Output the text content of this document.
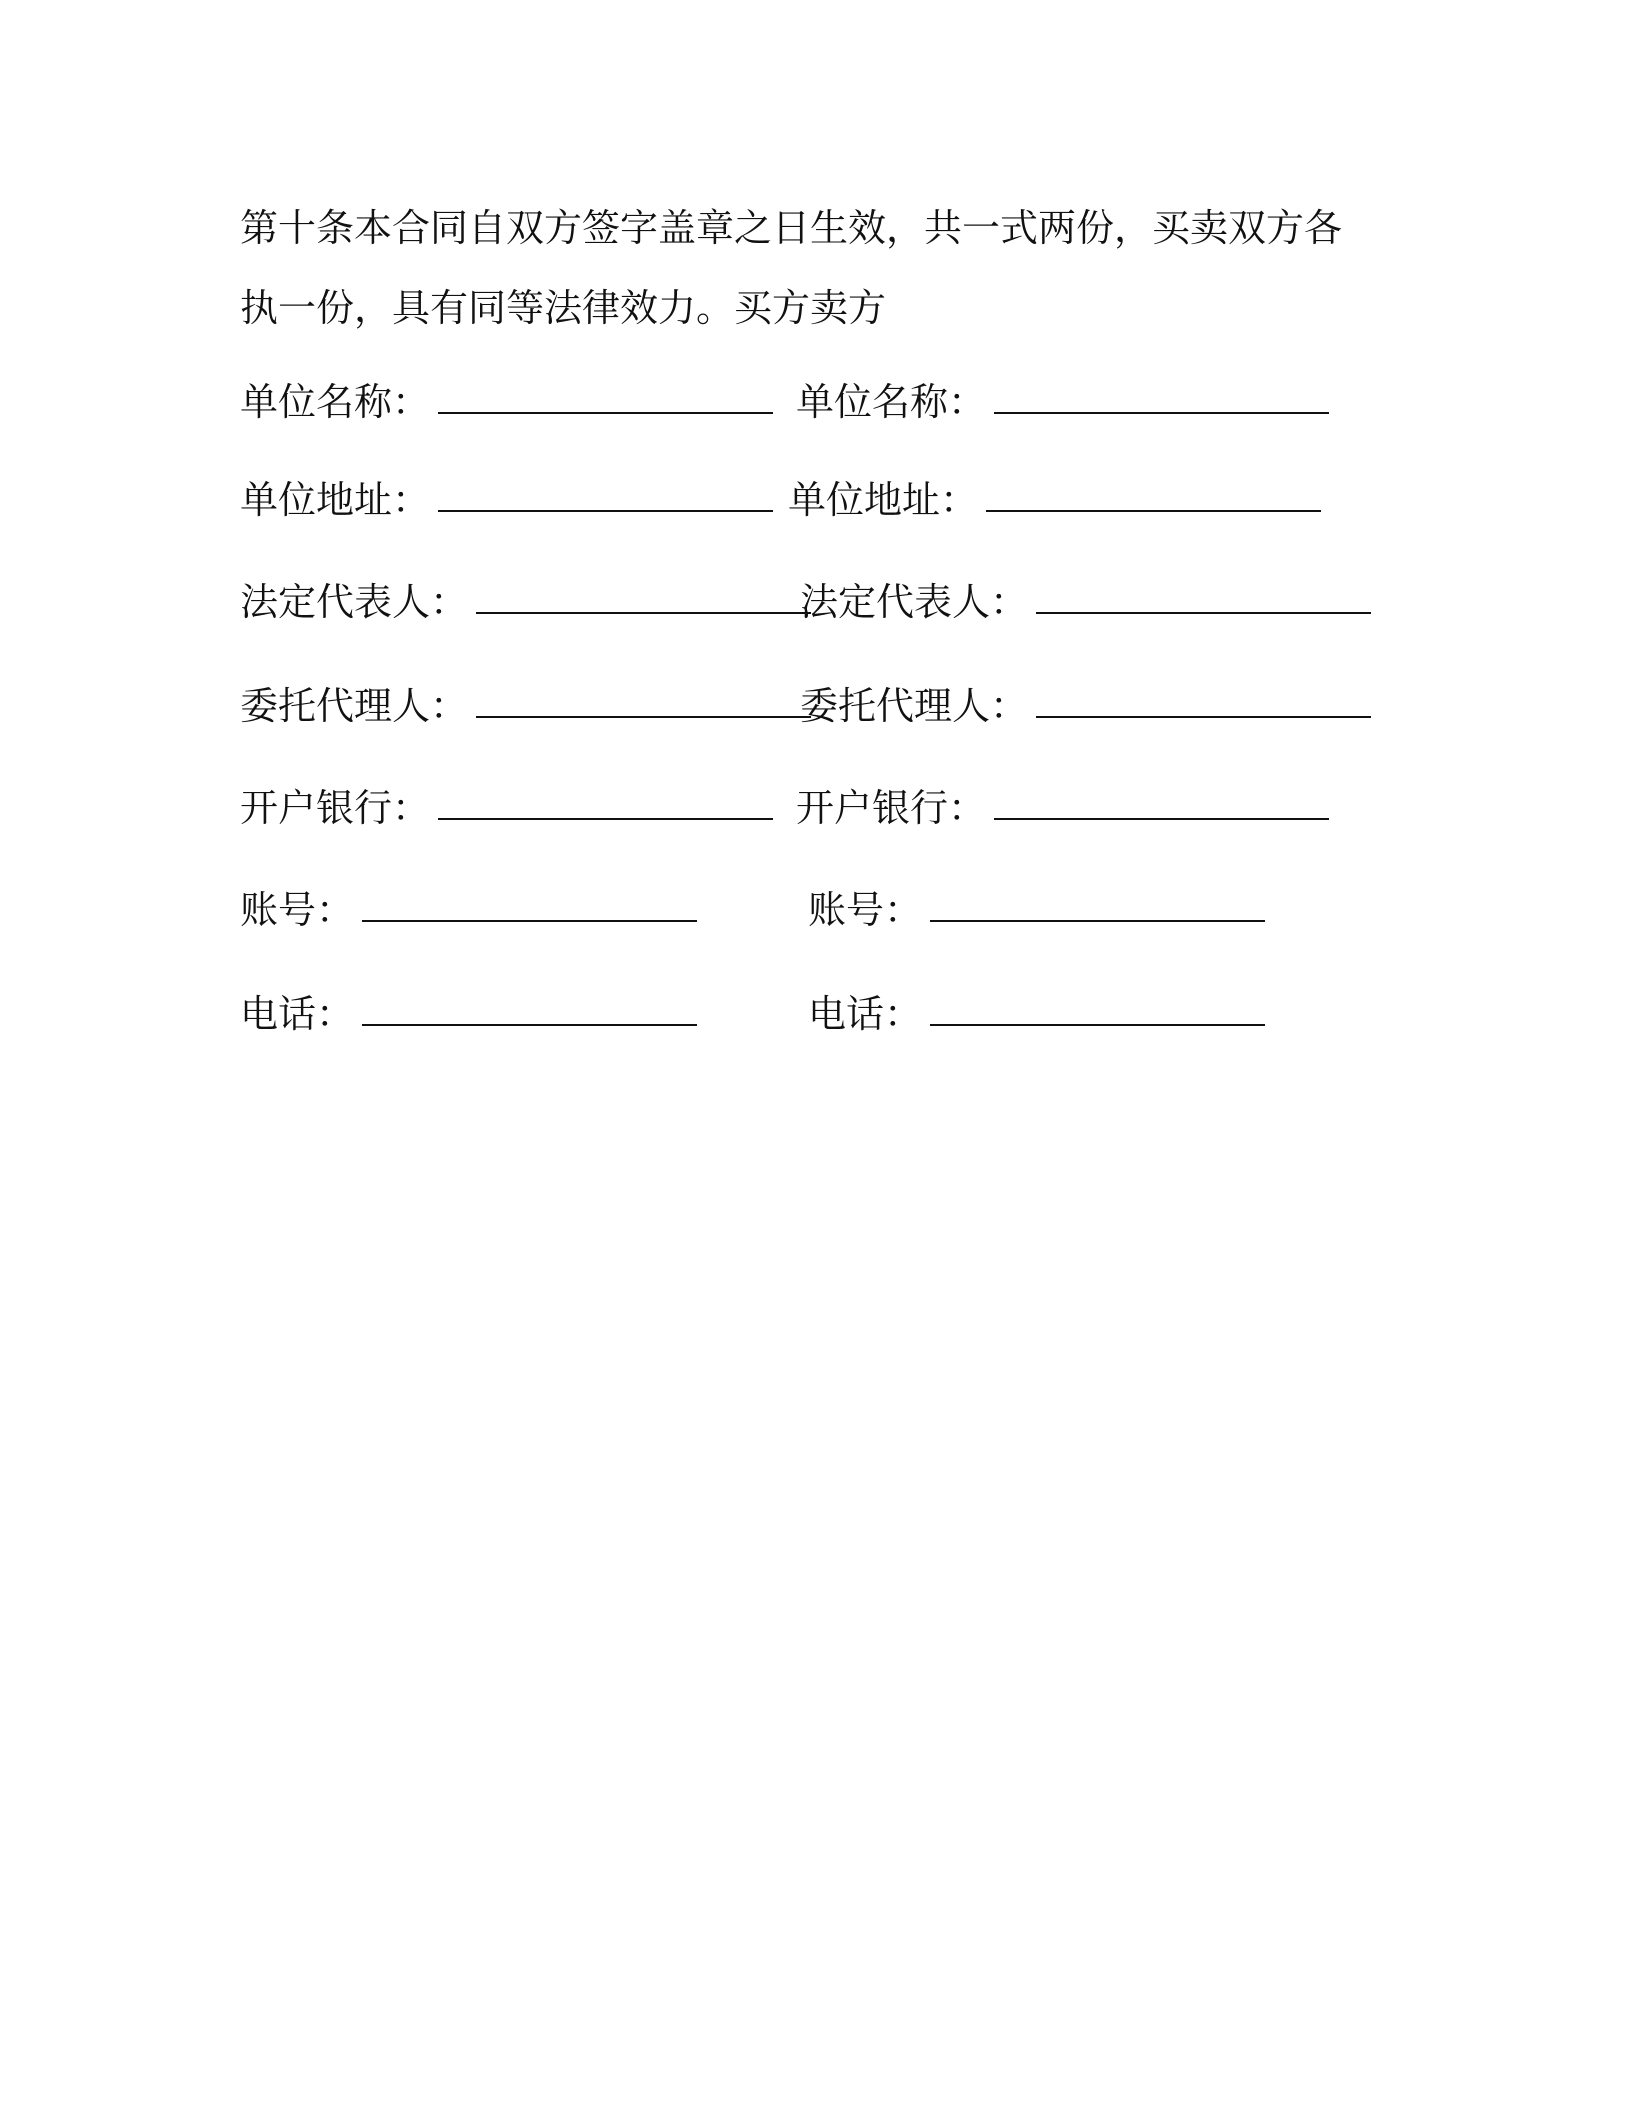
第十条本合同自双方签字盖章之日生效，共一式两份，买卖双方各执一份，具有同等法律效力。买方卖方

单位名称：	单位名称：
单位地址：	单位地址：
法定代表人：	法定代表人：
委托代理人：	委托代理人：
开户银行：	开户银行：
账号：	账号：
电话：	电话：
